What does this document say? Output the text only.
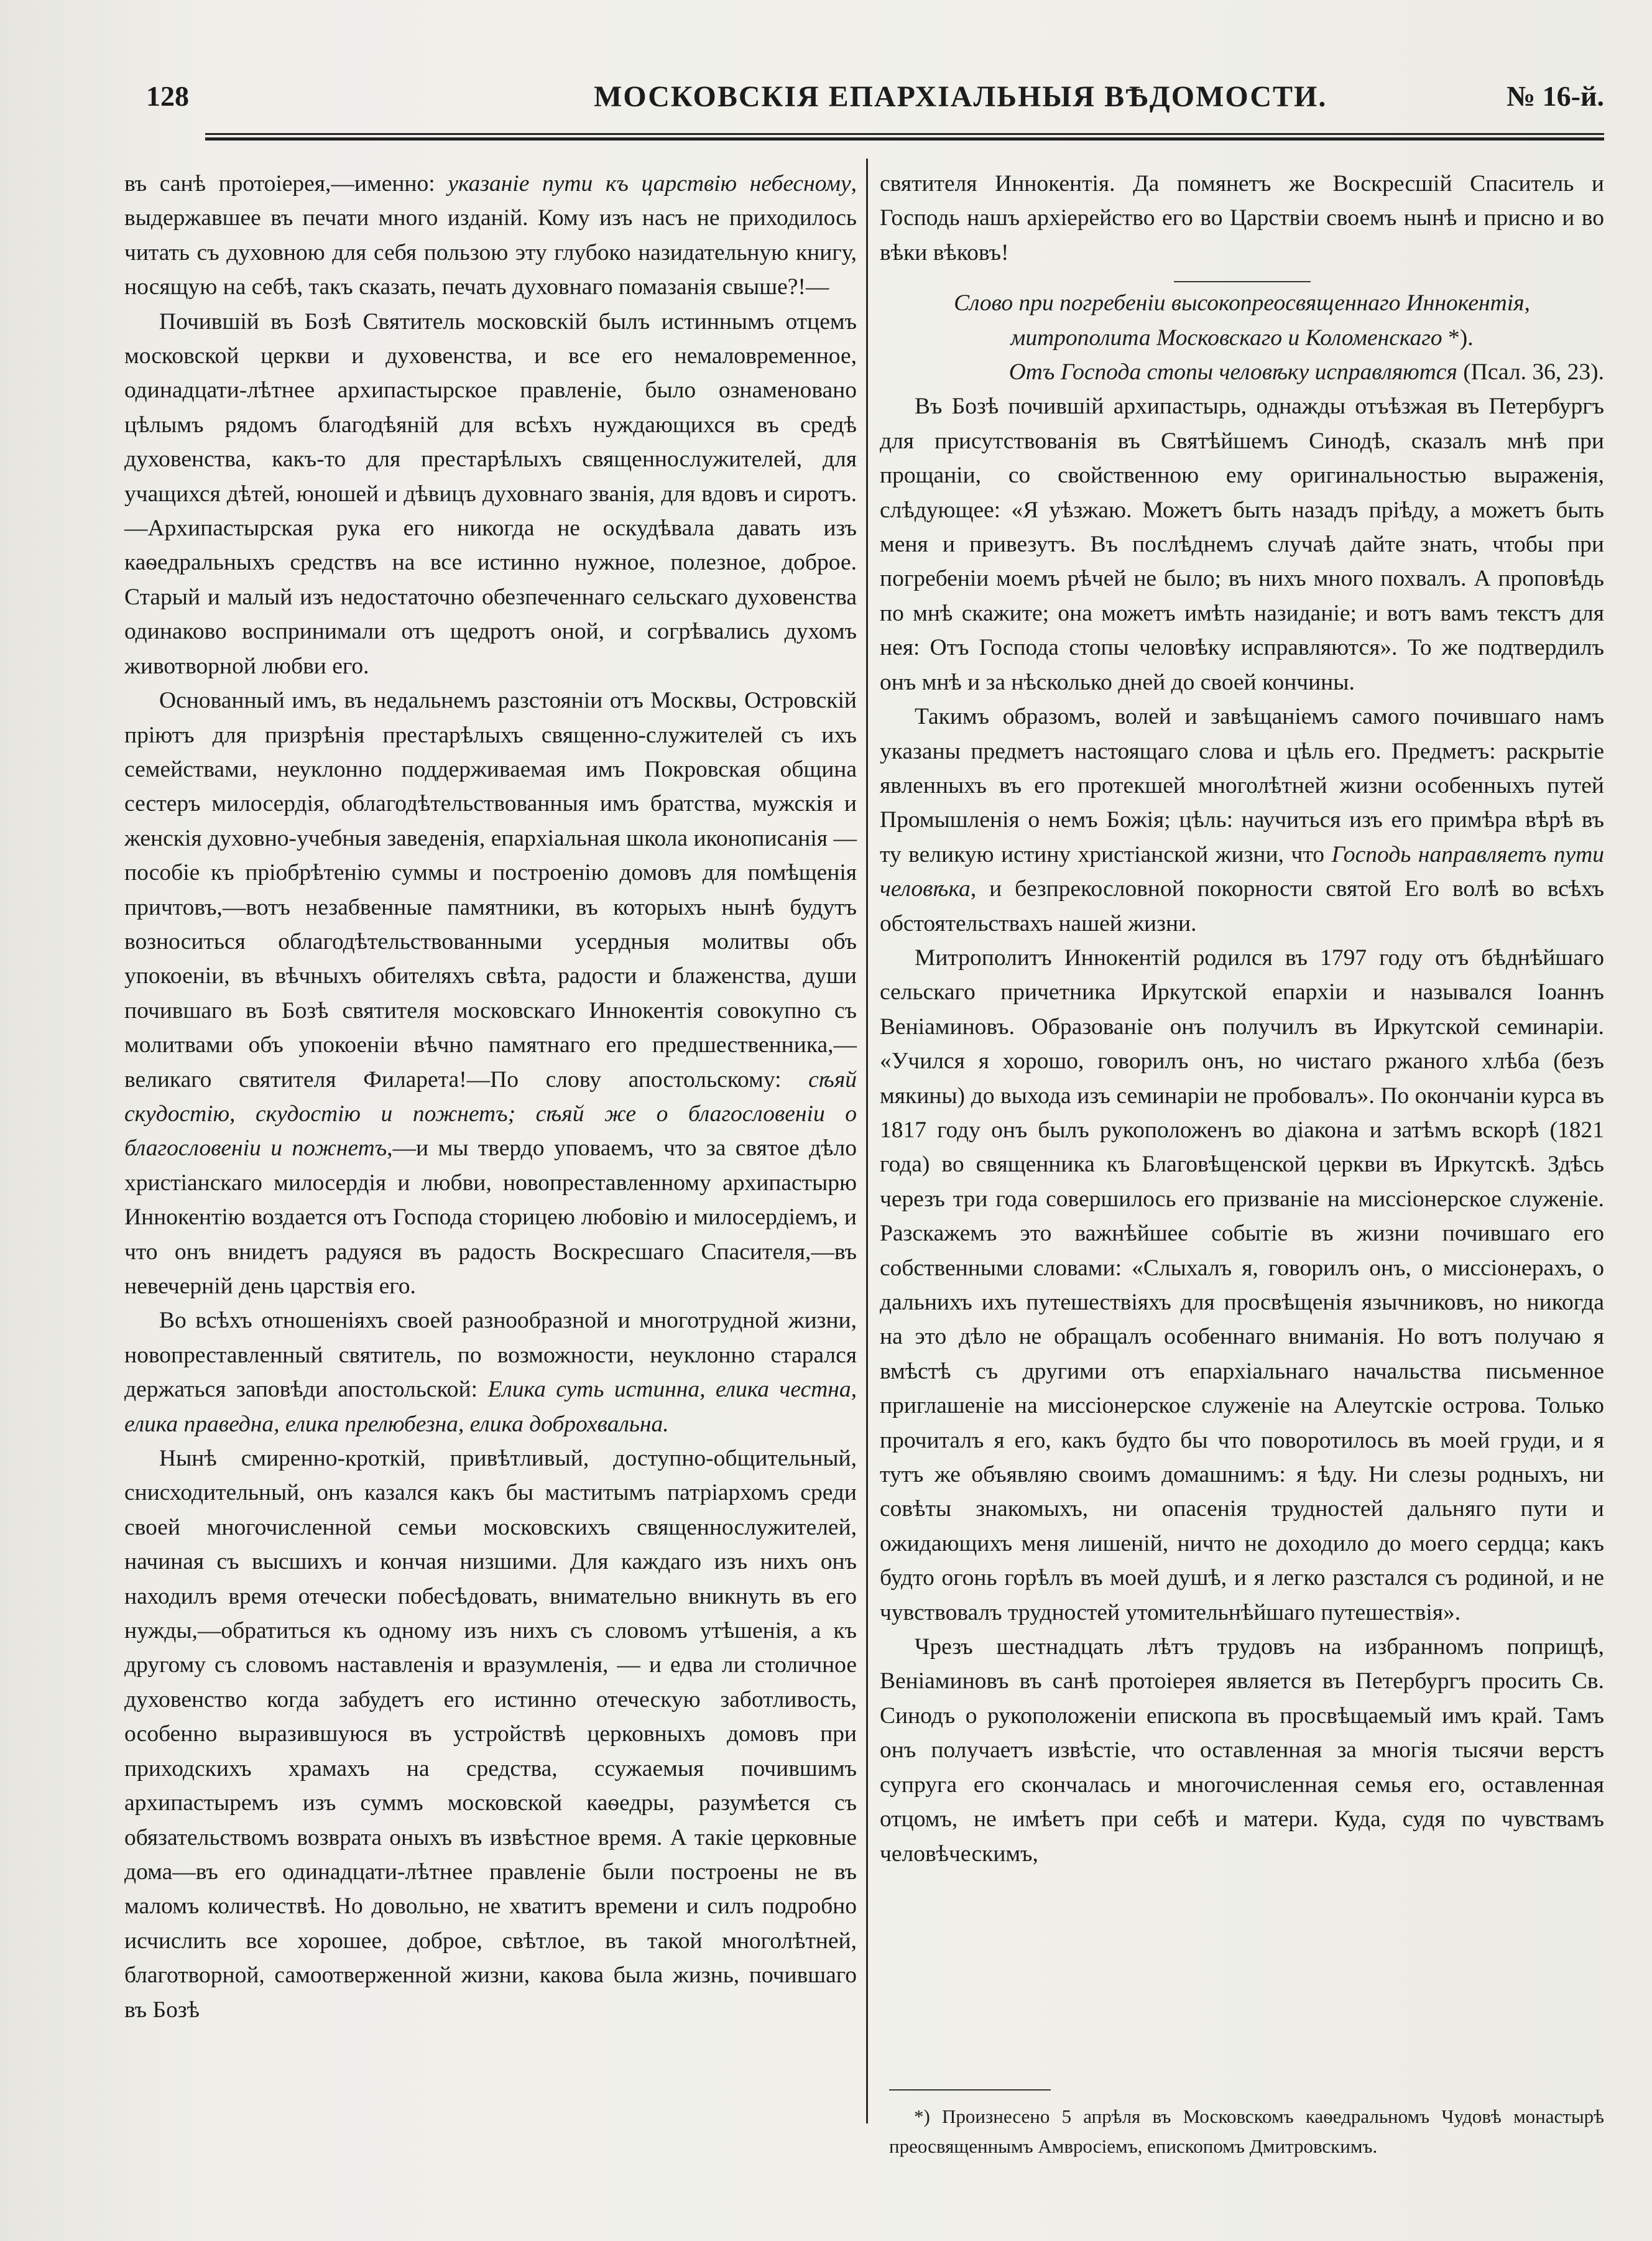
128	МОСКОВСКІЯ ЕПАРХІАЛЬНЫЯ ВѢДОМОСТИ.	№ 16-й.

въ санѣ протоіерея,—именно: указаніе пути къ царствію небесному, выдержавшее въ печати много изданій. Кому изъ насъ не приходилось читать съ духовною для себя пользою эту глубоко назидательную книгу, носящую на себѣ, такъ сказать, печать духовнаго помазанія свыше?!—

Почившій въ Бозѣ Святитель московскій былъ истиннымъ отцемъ московской церкви и духовенства, и все его немаловременное, одинадцати-лѣтнее архипастырское правленіе, было ознаменовано цѣлымъ рядомъ благодѣяній для всѣхъ нуждающихся въ средѣ духовенства, какъ-то для престарѣлыхъ священнослужителей, для учащихся дѣтей, юношей и дѣвицъ духовнаго званія, для вдовъ и сиротъ.—Архипастырская рука его никогда не оскудѣвала давать изъ каѳедральныхъ средствъ на все истинно нужное, полезное, доброе. Старый и малый изъ недостаточно обезпеченнаго сельскаго духовенства одинаково воспринимали отъ щедротъ оной, и согрѣвались духомъ животворной любви его.

Основанный имъ, въ недальнемъ разстояніи отъ Москвы, Островскій пріютъ для призрѣнія престарѣлыхъ священно-служителей съ ихъ семействами, неуклонно поддерживаемая имъ Покровская община сестеръ милосердія, облагодѣтельствованныя имъ братства, мужскія и женскія духовно-учебныя заведенія, епархіальная школа иконописанія — пособіе къ пріобрѣтенію суммы и построенію домовъ для помѣщенія причтовъ,—вотъ незабвенные памятники, въ которыхъ нынѣ будутъ возноситься облагодѣтельствованными усердныя молитвы объ упокоеніи, въ вѣчныхъ обителяхъ свѣта, радости и блаженства, души почившаго въ Бозѣ святителя московскаго Иннокентія совокупно съ молитвами объ упокоеніи вѣчно памятнаго его предшественника,—великаго святителя Филарета!—По слову апостольскому: сѣяй скудостію, скудостію и пожнетъ; сѣяй же о благословеніи о благословеніи и пожнетъ,—и мы твердо уповаемъ, что за святое дѣло христіанскаго милосердія и любви, новопреставленному архипастырю Иннокентію воздается отъ Господа сторицею любовію и милосердіемъ, и что онъ внидетъ радуяся въ радость Воскресшаго Спасителя,—въ невечерній день царствія его.

Во всѣхъ отношеніяхъ своей разнообразной и многотрудной жизни, новопреставленный святитель, по возможности, неуклонно старался держаться заповѣди апостольской: Елика суть истинна, елика честна, елика праведна, елика прелюбезна, елика доброхвальна.

Нынѣ смиренно-кроткій, привѣтливый, доступно-общительный, снисходительный, онъ казался какъ бы маститымъ патріархомъ среди своей многочисленной семьи московскихъ священнослужителей, начиная съ высшихъ и кончая низшими. Для каждаго изъ нихъ онъ находилъ время отечески побесѣдовать, внимательно вникнуть въ его нужды,—обратиться къ одному изъ нихъ съ словомъ утѣшенія, а къ другому съ словомъ наставленія и вразумленія, — и едва ли столичное духовенство когда забудетъ его истинно отеческую заботливость, особенно выразившуюся въ устройствѣ церковныхъ домовъ при приходскихъ храмахъ на средства, ссужаемыя почившимъ архипастыремъ изъ суммъ московской каѳедры, разумѣется съ обязательствомъ возврата оныхъ въ извѣстное время. А такіе церковные дома—въ его одинадцати-лѣтнее правленіе были построены не въ маломъ количествѣ. Но довольно, не хватитъ времени и силъ подробно исчислить все хорошее, доброе, свѣтлое, въ такой многолѣтней, благотворной, самоотверженной жизни, какова была жизнь, почившаго въ Бозѣ

святителя Иннокентія. Да помянетъ же Воскресшій Спаситель и Господь нашъ архіерейство его во Царствіи своемъ нынѣ и присно и во вѣки вѣковъ!

Слово при погребеніи высокопреосвященнаго Иннокентія, митрополита Московскаго и Коломенскаго *).

Отъ Господа стопы человѣку исправляются (Псал. 36, 23).

Въ Бозѣ почившій архипастырь, однажды отъѣзжая въ Петербургъ для присутствованія въ Святѣйшемъ Синодѣ, сказалъ мнѣ при прощаніи, со свойственною ему оригинальностью выраженія, слѣдующее: «Я уѣзжаю. Можетъ быть назадъ пріѣду, а можетъ быть меня и привезутъ. Въ послѣднемъ случаѣ дайте знать, чтобы при погребеніи моемъ рѣчей не было; въ нихъ много похвалъ. А проповѣдь по мнѣ скажите; она можетъ имѣть назиданіе; и вотъ вамъ текстъ для нея: Отъ Господа стопы человѣку исправляются». То же подтвердилъ онъ мнѣ и за нѣсколько дней до своей кончины.

Такимъ образомъ, волей и завѣщаніемъ самого почившаго намъ указаны предметъ настоящаго слова и цѣль его. Предметъ: раскрытіе явленныхъ въ его протекшей многолѣтней жизни особенныхъ путей Промышленія о немъ Божія; цѣль: научиться изъ его примѣра вѣрѣ въ ту великую истину христіанской жизни, что Господь направляетъ пути человѣка, и безпрекословной покорности святой Его волѣ во всѣхъ обстоятельствахъ нашей жизни.

Митрополитъ Иннокентій родился въ 1797 году отъ бѣднѣйшаго сельскаго причетника Иркутской епархіи и назывался Іоаннъ Веніаминовъ. Образованіе онъ получилъ въ Иркутской семинаріи. «Учился я хорошо, говорилъ онъ, но чистаго ржаного хлѣба (безъ мякины) до выхода изъ семинаріи не пробовалъ». По окончаніи курса въ 1817 году онъ былъ рукоположенъ во діакона и затѣмъ вскорѣ (1821 года) во священника къ Благовѣщенской церкви въ Иркутскѣ. Здѣсь черезъ три года совершилось его призваніе на миссіонерское служеніе. Разскажемъ это важнѣйшее событіе въ жизни почившаго его собственными словами: «Слыхалъ я, говорилъ онъ, о миссіонерахъ, о дальнихъ ихъ путешествіяхъ для просвѣщенія язычниковъ, но никогда на это дѣло не обращалъ особеннаго вниманія. Но вотъ получаю я вмѣстѣ съ другими отъ епархіальнаго начальства письменное приглашеніе на миссіонерское служеніе на Алеутскіе острова. Только прочиталъ я его, какъ будто бы что поворотилось въ моей груди, и я тутъ же объявляю своимъ домашнимъ: я ѣду. Ни слезы родныхъ, ни совѣты знакомыхъ, ни опасенія трудностей дальняго пути и ожидающихъ меня лишеній, ничто не доходило до моего сердца; какъ будто огонь горѣлъ въ моей душѣ, и я легко разстался съ родиной, и не чувствовалъ трудностей утомительнѣйшаго путешествія».

Чрезъ шестнадцать лѣтъ трудовъ на избранномъ поприщѣ, Веніаминовъ въ санѣ протоіерея является въ Петербургъ просить Св. Синодъ о рукоположеніи епископа въ просвѣщаемый имъ край. Тамъ онъ получаетъ извѣстіе, что оставленная за многія тысячи верстъ супруга его скончалась и многочисленная семья его, оставленная отцомъ, не имѣетъ при себѣ и матери. Куда, судя по чувствамъ человѣческимъ,

*) Произнесено 5 апрѣля въ Московскомъ каѳедральномъ Чудовѣ монастырѣ преосвященнымъ Амвросіемъ, епископомъ Дмитровскимъ.
